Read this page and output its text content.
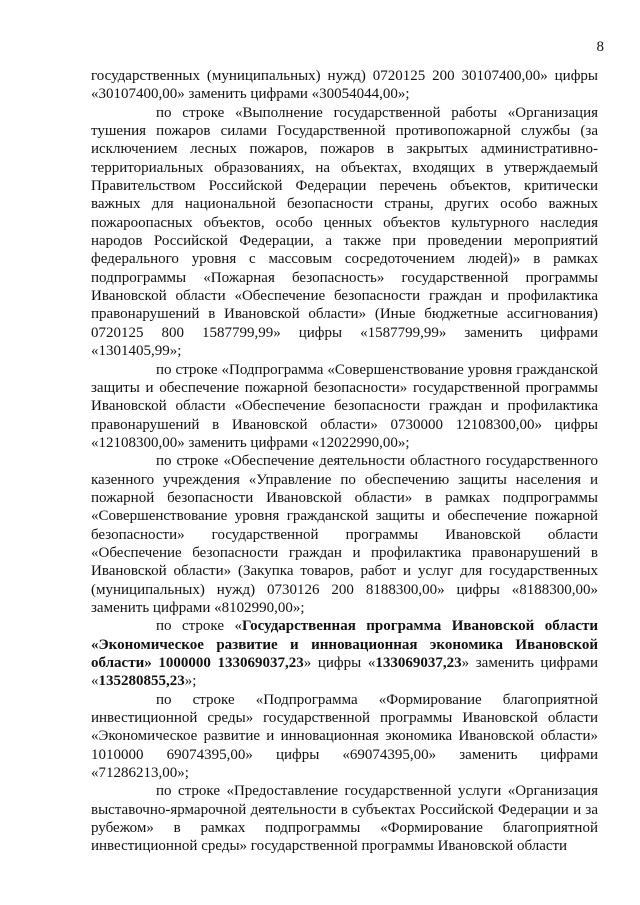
8

государственных (муниципальных) нужд) 0720125 200 30107400,00» цифры «30107400,00» заменить цифрами «30054044,00»;

по строке «Выполнение государственной работы «Организация тушения пожаров силами Государственной противопожарной службы (за исключением лесных пожаров, пожаров в закрытых административно-территориальных образованиях, на объектах, входящих в утверждаемый Правительством Российской Федерации перечень объектов, критически важных для национальной безопасности страны, других особо важных пожароопасных объектов, особо ценных объектов культурного наследия народов Российской Федерации, а также при проведении мероприятий федерального уровня с массовым сосредоточением людей)» в рамках подпрограммы «Пожарная безопасность» государственной программы Ивановской области «Обеспечение безопасности граждан и профилактика правонарушений в Ивановской области» (Иные бюджетные ассигнования) 0720125 800 1587799,99» цифры «1587799,99» заменить цифрами «1301405,99»;

по строке «Подпрограмма «Совершенствование уровня гражданской защиты и обеспечение пожарной безопасности» государственной программы Ивановской области «Обеспечение безопасности граждан и профилактика правонарушений в Ивановской области» 0730000 12108300,00» цифры «12108300,00» заменить цифрами «12022990,00»;

по строке «Обеспечение деятельности областного государственного казенного учреждения «Управление по обеспечению защиты населения и пожарной безопасности Ивановской области» в рамках подпрограммы «Совершенствование уровня гражданской защиты и обеспечение пожарной безопасности» государственной программы Ивановской области «Обеспечение безопасности граждан и профилактика правонарушений в Ивановской области» (Закупка товаров, работ и услуг для государственных (муниципальных) нужд) 0730126 200 8188300,00» цифры «8188300,00» заменить цифрами «8102990,00»;

по строке «Государственная программа Ивановской области «Экономическое развитие и инновационная экономика Ивановской области» 1000000 133069037,23» цифры «133069037,23» заменить цифрами «135280855,23»;

по строке «Подпрограмма «Формирование благоприятной инвестиционной среды» государственной программы Ивановской области «Экономическое развитие и инновационная экономика Ивановской области» 1010000 69074395,00» цифры «69074395,00» заменить цифрами «71286213,00»;

по строке «Предоставление государственной услуги «Организация выставочно-ярмарочной деятельности в субъектах Российской Федерации и за рубежом» в рамках подпрограммы «Формирование благоприятной инвестиционной среды» государственной программы Ивановской области
